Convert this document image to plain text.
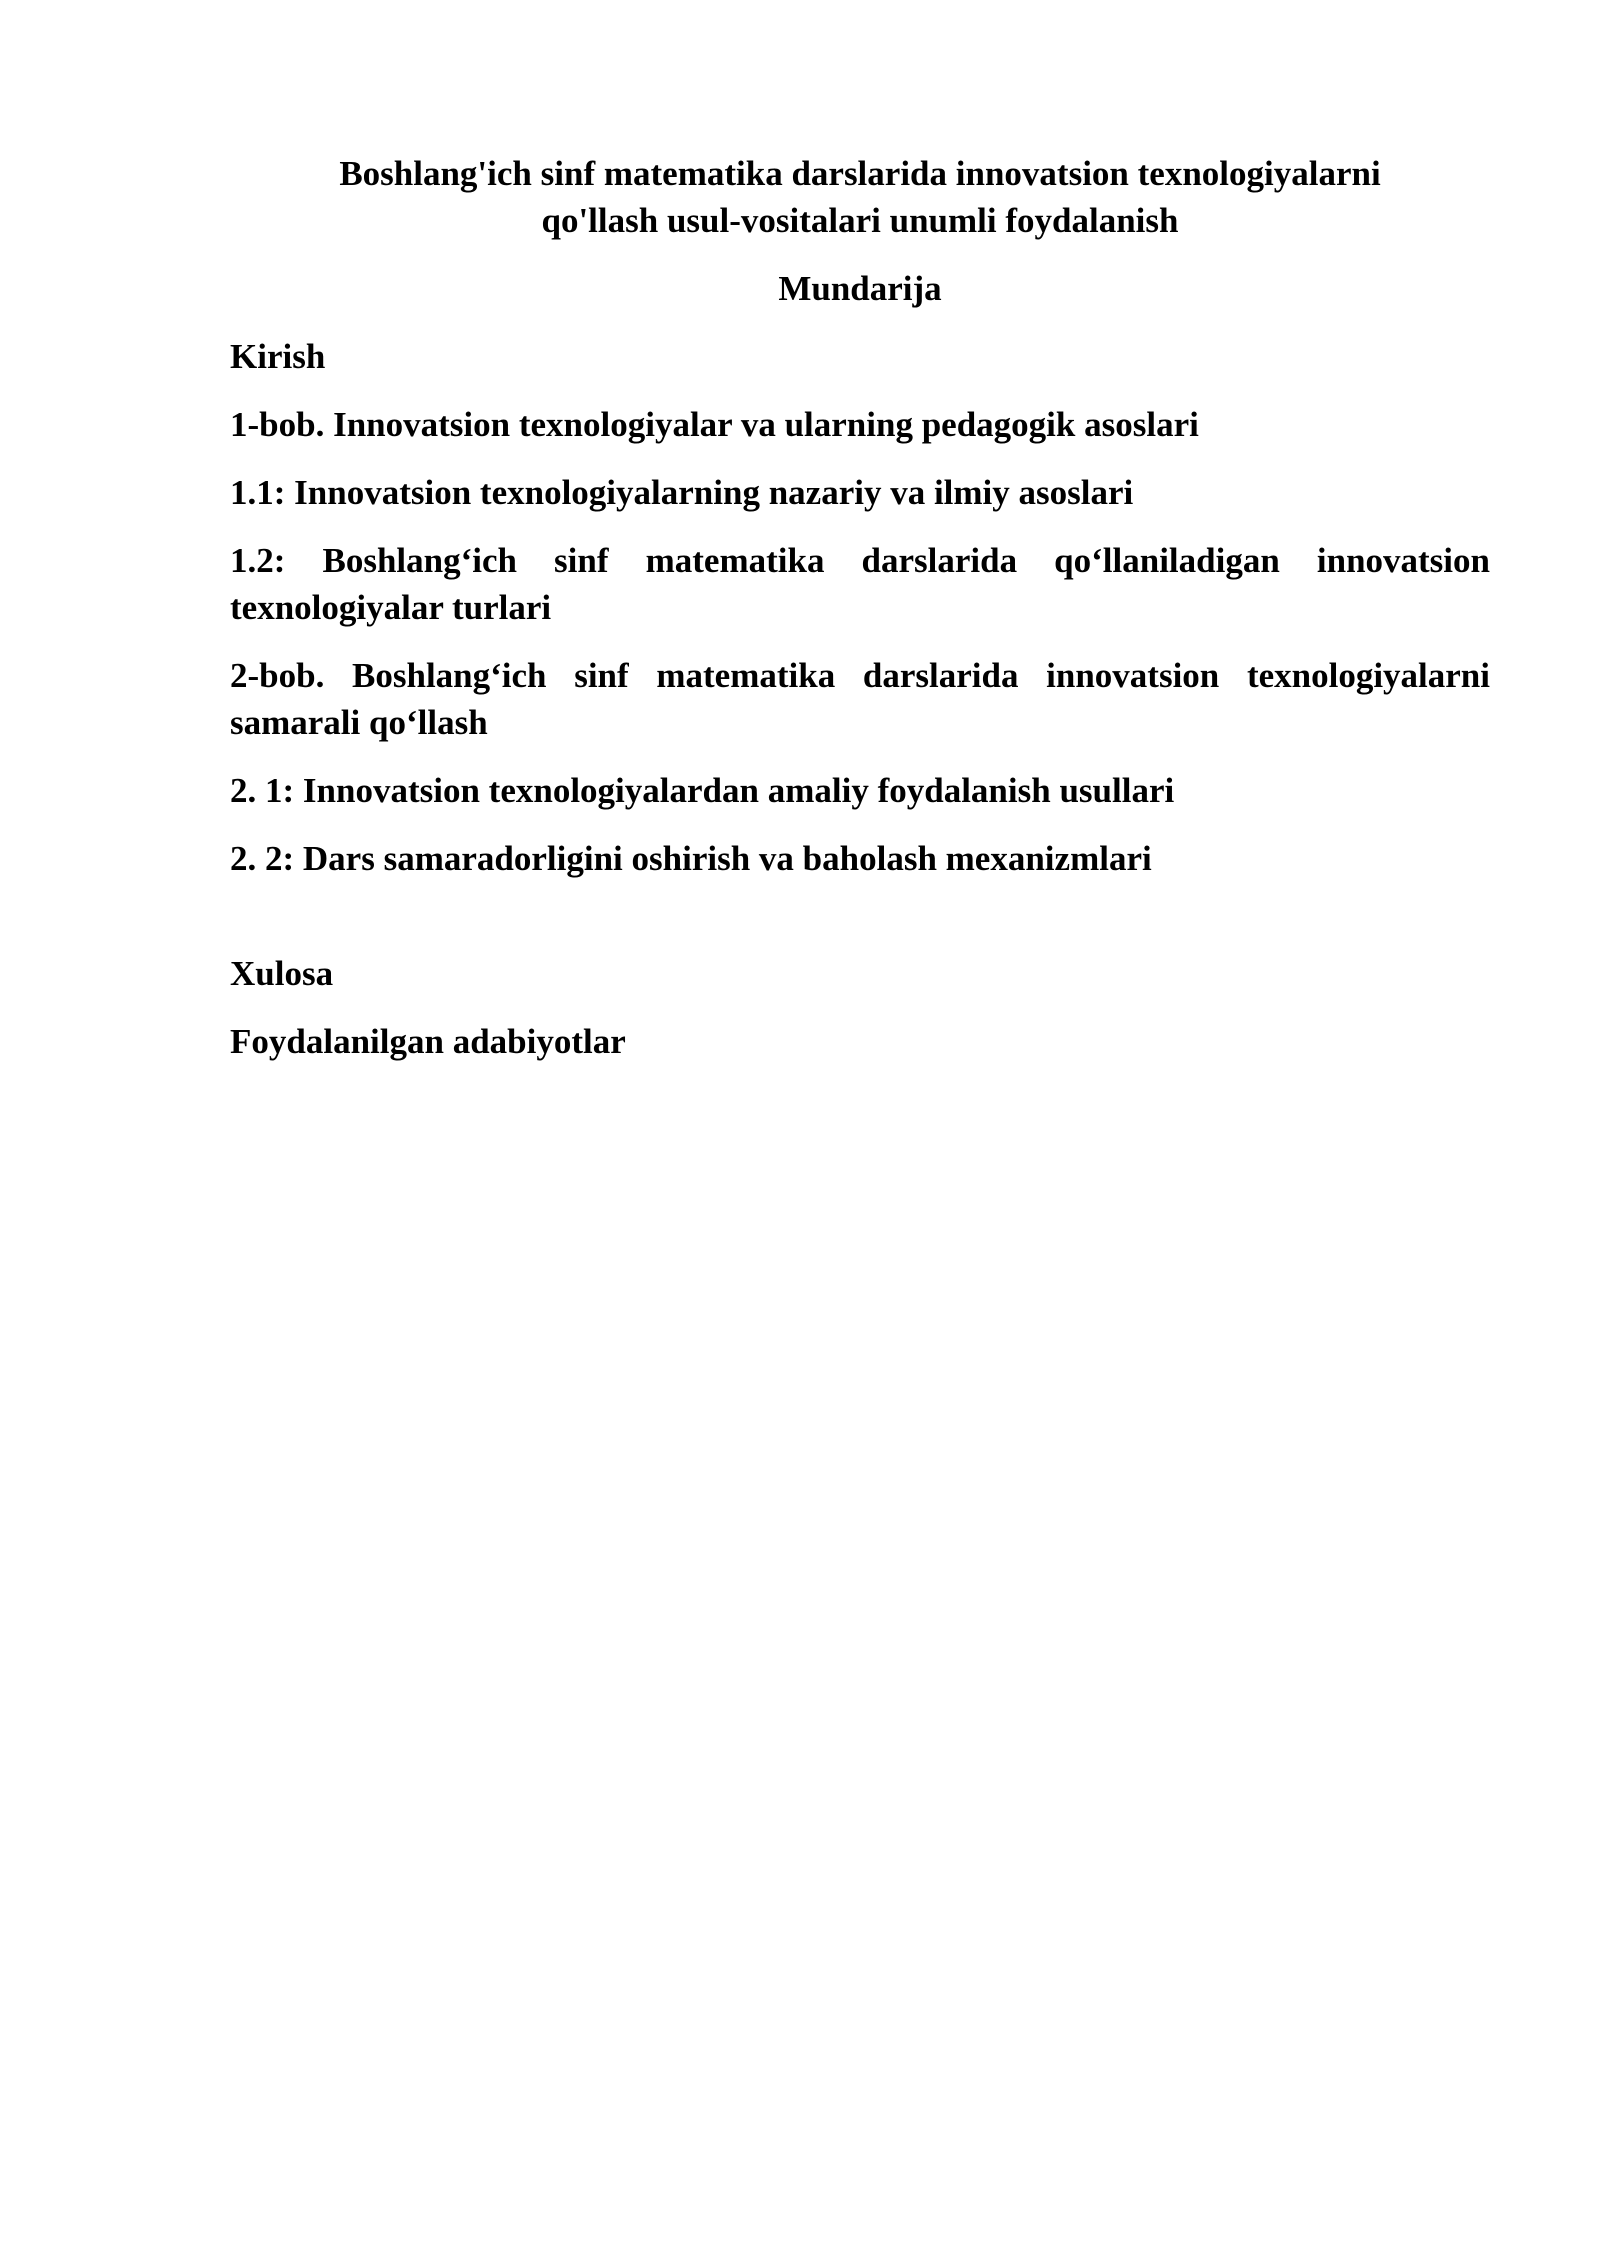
Boshlang'ich sinf matematika darslarida innovatsion texnologiyalarni

qo'llash usul-vositalari unumli foydalanish

Mundarija

Kirish
1-bob. Innovatsion texnologiyalar va ularning pedagogik asoslari
1.1: Innovatsion texnologiyalarning nazariy va ilmiy asoslari
1.2: Boshlang‘ich sinf matematika darslarida qo‘llaniladigan innovatsion texnologiyalar turlari
2-bob. Boshlang‘ich sinf matematika darslarida innovatsion texnologiyalarni samarali qo‘llash
2. 1: Innovatsion texnologiyalardan amaliy foydalanish usullari
2. 2: Dars samaradorligini oshirish va baholash mexanizmlari
Xulosa
Foydalanilgan adabiyotlar
